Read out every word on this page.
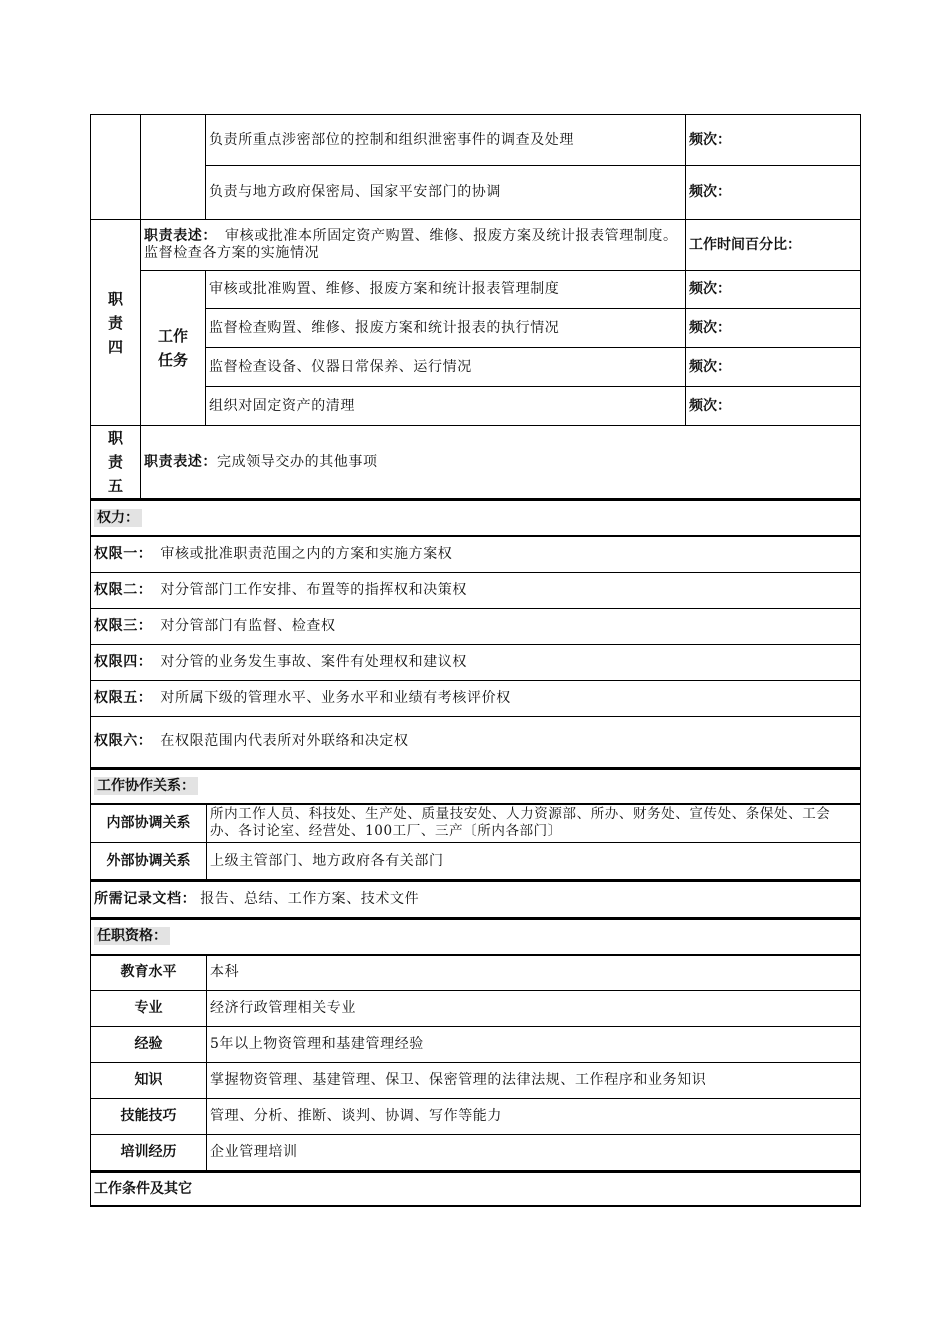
		负责所重点涉密部位的控制和组织泄密事件的调查及处理	频次：
		负责与地方政府保密局、国家平安部门的协调	频次：

职
责
四	职责表述： 审核或批准本所固定资产购置、维修、报废方案及统计报表管理制度。监督检查各方案的实施情况		工作时间百分比：

	工作
任务	审核或批准购置、维修、报废方案和统计报表管理制度	频次：
		监督检查购置、维修、报废方案和统计报表的执行情况	频次：
		监督检查设备、仪器日常保养、运行情况	频次：
		组织对固定资产的清理	频次：

职
责
五	职责表述：完成领导交办的其他事项		
权力：
权限一： 审核或批准职责范围之内的方案和实施方案权
权限二： 对分管部门工作安排、布置等的指挥权和决策权
权限三： 对分管部门有监督、检查权
权限四： 对分管的业务发生事故、案件有处理权和建议权
权限五： 对所属下级的管理水平、业务水平和业绩有考核评价权
权限六： 在权限范围内代表所对外联络和决定权
工作协作关系：	
内部协调关系	所内工作人员、科技处、生产处、质量技安处、人力资源部、所办、财务处、宣传处、条保处、工会办、各讨论室、经营处、100工厂、三产〔所内各部门〕
外部协调关系	上级主管部门、地方政府各有关部门
所需记录文档： 报告、总结、工作方案、技术文件
任职资格：	
教育水平	本科
专业	经济行政管理相关专业
经验	5年以上物资管理和基建管理经验
知识	掌握物资管理、基建管理、保卫、保密管理的法律法规、工作程序和业务知识
技能技巧	管理、分析、推断、谈判、协调、写作等能力
培训经历	企业管理培训
工作条件及其它
